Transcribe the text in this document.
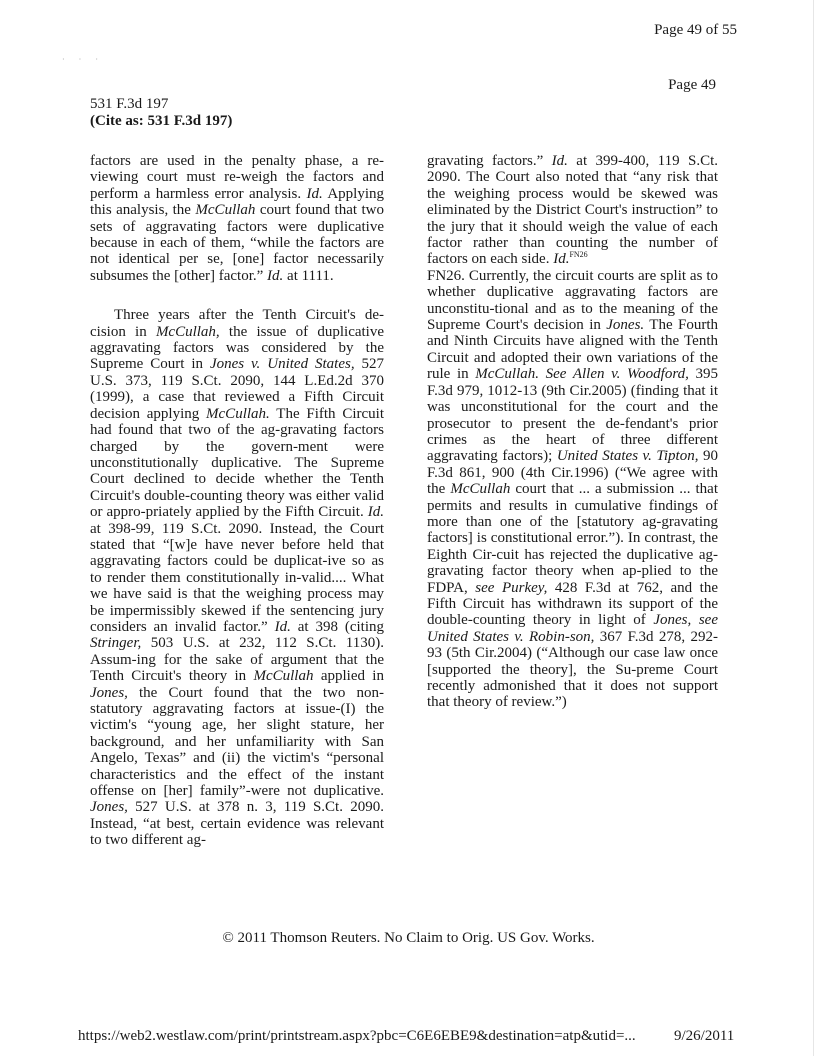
· · ·
Page 49 of 55
Page 49
531 F.3d 197
(Cite as: 531 F.3d 197)

factors are used in the penalty phase, a re-viewing court must re-weigh the factors and perform a harmless error analysis. Id. Applying this analysis, the McCullah court found that two sets of aggravating factors were duplicative because in each of them, “while the factors are not identical per se, [one] factor necessarily subsumes the [other] factor.” Id. at 1111.

Three years after the Tenth Circuit's de-cision in McCullah, the issue of duplicative aggravating factors was considered by the Supreme Court in Jones v. United States, 527 U.S. 373, 119 S.Ct. 2090, 144 L.Ed.2d 370 (1999), a case that reviewed a Fifth Circuit decision applying McCullah. The Fifth Circuit had found that two of the ag-gravating factors charged by the govern-ment were unconstitutionally duplicative. The Supreme Court declined to decide whether the Tenth Circuit's double-counting theory was either valid or appro-priately applied by the Fifth Circuit. Id. at 398-99, 119 S.Ct. 2090. Instead, the Court stated that “[w]e have never before held that aggravating factors could be duplicat-ive so as to render them constitutionally in-valid.... What we have said is that the weighing process may be impermissibly skewed if the sentencing jury considers an invalid factor.” Id. at 398 (citing Stringer, 503 U.S. at 232, 112 S.Ct. 1130). Assum-ing for the sake of argument that the Tenth Circuit's theory in McCullah applied in Jones, the Court found that the two non-statutory aggravating factors at issue-(I) the victim's “young age, her slight stature, her background, and her unfamiliarity with San Angelo, Texas” and (ii) the victim's “personal characteristics and the effect of the instant offense on [her] family”-were not duplicative. Jones, 527 U.S. at 378 n. 3, 119 S.Ct. 2090. Instead, “at best, certain evidence was relevant to two different ag-

gravating factors.” Id. at 399-400, 119 S.Ct. 2090. The Court also noted that “any risk that the weighing process would be skewed was eliminated by the District Court's instruction” to the jury that it should weigh the value of each factor rather than counting the number of factors on each side. Id.$^{FN26}$

FN26. Currently, the circuit courts are split as to whether duplicative aggravating factors are unconstitu-tional and as to the meaning of the Supreme Court's decision in Jones. The Fourth and Ninth Circuits have aligned with the Tenth Circuit and adopted their own variations of the rule in McCullah. See Allen v. Woodford, 395 F.3d 979, 1012-13 (9th Cir.2005) (finding that it was unconstitutional for the court and the prosecutor to present the de-fendant's prior crimes as the heart of three different aggravating factors); United States v. Tipton, 90 F.3d 861, 900 (4th Cir.1996) (“We agree with the McCullah court that ... a submission ... that permits and results in cumulative findings of more than one of the [statutory ag-gravating factors] is constitutional error.”). In contrast, the Eighth Cir-cuit has rejected the duplicative ag-gravating factor theory when ap-plied to the FDPA, see Purkey, 428 F.3d at 762, and the Fifth Circuit has withdrawn its support of the double-counting theory in light of Jones, see United States v. Robin-son, 367 F.3d 278, 292-93 (5th Cir.2004) (“Although our case law once [supported the theory], the Su-preme Court recently admonished that it does not support that theory of review.”)

© 2011 Thomson Reuters. No Claim to Orig. US Gov. Works.
https://web2.westlaw.com/print/printstream.aspx?pbc=C6E6EBE9&destination=atp&utid=...	9/26/2011
